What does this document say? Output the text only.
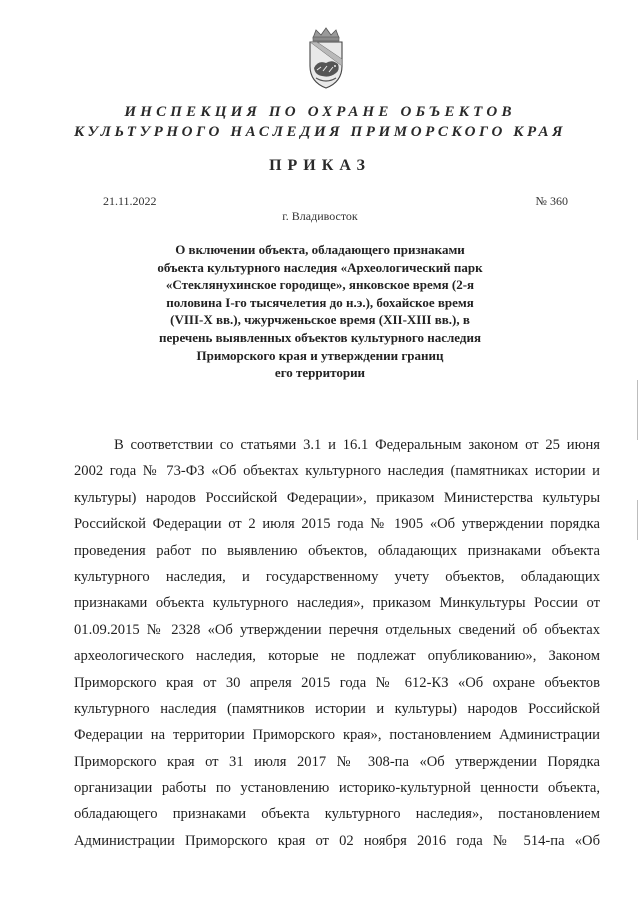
ИНСПЕКЦИЯ ПО ОХРАНЕ ОБЪЕКТОВ
КУЛЬТУРНОГО НАСЛЕДИЯ ПРИМОРСКОГО КРАЯ
ПРИКАЗ
21.11.2022	№ 360
г. Владивосток
О включении объекта, обладающего признаками
объекта культурного наследия «Археологический парк
«Стеклянухинское городище», янковское время (2-я
половина I-го тысячелетия до н.э.), бохайское время
(VIII-X вв.), чжурчженьское время (XII-XIII вв.), в
перечень выявленных объектов культурного наследия
Приморского края и утверждении границ
его территории
В соответствии со статьями 3.1 и 16.1 Федеральным законом от 25 июня
2002 года № 73-ФЗ «Об объектах культурного наследия (памятниках истории и
культуры) народов Российской Федерации», приказом Министерства культуры
Российской Федерации от 2 июля 2015 года № 1905 «Об утверждении порядка
проведения работ по выявлению объектов, обладающих признаками объекта
культурного наследия, и государственному учету объектов, обладающих
признаками объекта культурного наследия», приказом Минкультуры России от
01.09.2015 № 2328 «Об утверждении перечня отдельных сведений об объектах
археологического наследия, которые не подлежат опубликованию», Законом
Приморского края от 30 апреля 2015 года № 612-КЗ «Об охране объектов
культурного наследия (памятников истории и культуры) народов Российской
Федерации на территории Приморского края», постановлением Администрации
Приморского края от 31 июля 2017 № 308-па «Об утверждении Порядка
организации работы по установлению историко-культурной ценности объекта,
обладающего признаками объекта культурного наследия», постановлением
Администрации Приморского края от 02 ноября 2016 года № 514-па «Об
